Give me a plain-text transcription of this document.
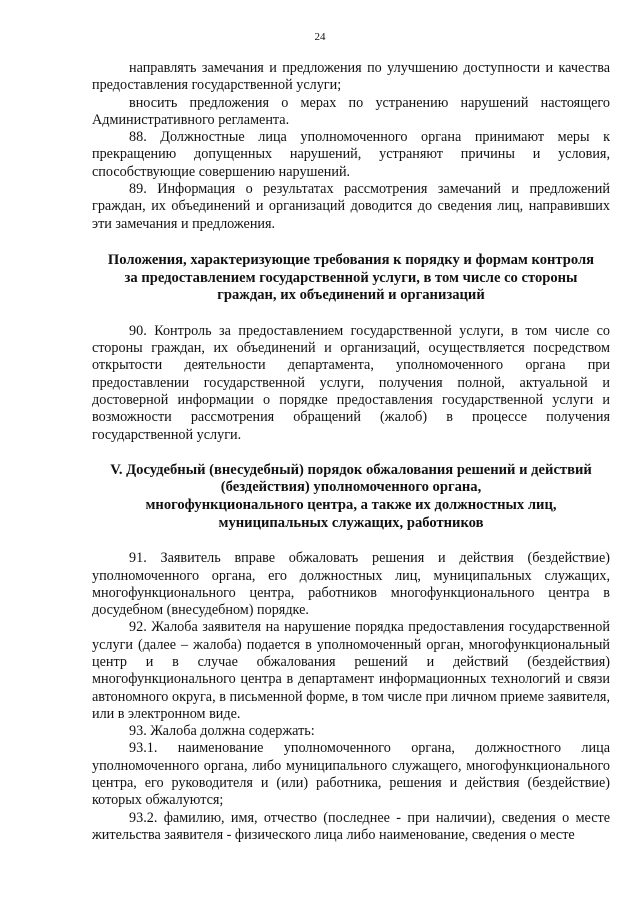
24

направлять замечания и предложения по улучшению доступности и качества предоставления государственной услуги;

вносить предложения о мерах по устранению нарушений настоящего Административного регламента.

88. Должностные лица уполномоченного органа принимают меры к прекращению допущенных нарушений, устраняют причины и условия, способствующие совершению нарушений.

89. Информация о результатах рассмотрения замечаний и предложений граждан, их объединений и организаций доводится до сведения лиц, направивших эти замечания и предложения.

Положения, характеризующие требования к порядку и формам контроля
за предоставлением государственной услуги, в том числе со стороны
граждан, их объединений и организаций

90. Контроль за предоставлением государственной услуги, в том числе со стороны граждан, их объединений и организаций, осуществляется посредством открытости деятельности департамента, уполномоченного органа при предоставлении государственной услуги, получения полной, актуальной и достоверной информации о порядке предоставления государственной услуги и возможности рассмотрения обращений (жалоб) в процессе получения государственной услуги.

V. Досудебный (внесудебный) порядок обжалования решений и действий
(бездействия) уполномоченного органа,
многофункционального центра, а также их должностных лиц,
муниципальных служащих, работников

91. Заявитель вправе обжаловать решения и действия (бездействие) уполномоченного органа, его должностных лиц, муниципальных служащих, многофункционального центра, работников многофункционального центра в досудебном (внесудебном) порядке.

92. Жалоба заявителя на нарушение порядка предоставления государственной услуги (далее – жалоба) подается в уполномоченный орган, многофункциональный центр и в случае обжалования решений и действий (бездействия) многофункционального центра в департамент информационных технологий и связи автономного округа, в письменной форме, в том числе при личном приеме заявителя, или в электронном виде.

93. Жалоба должна содержать:

93.1. наименование уполномоченного органа, должностного лица уполномоченного органа, либо муниципального служащего, многофункционального центра, его руководителя и (или) работника, решения и действия (бездействие) которых обжалуются;

93.2. фамилию, имя, отчество (последнее - при наличии), сведения о месте жительства заявителя - физического лица либо наименование, сведения о месте
